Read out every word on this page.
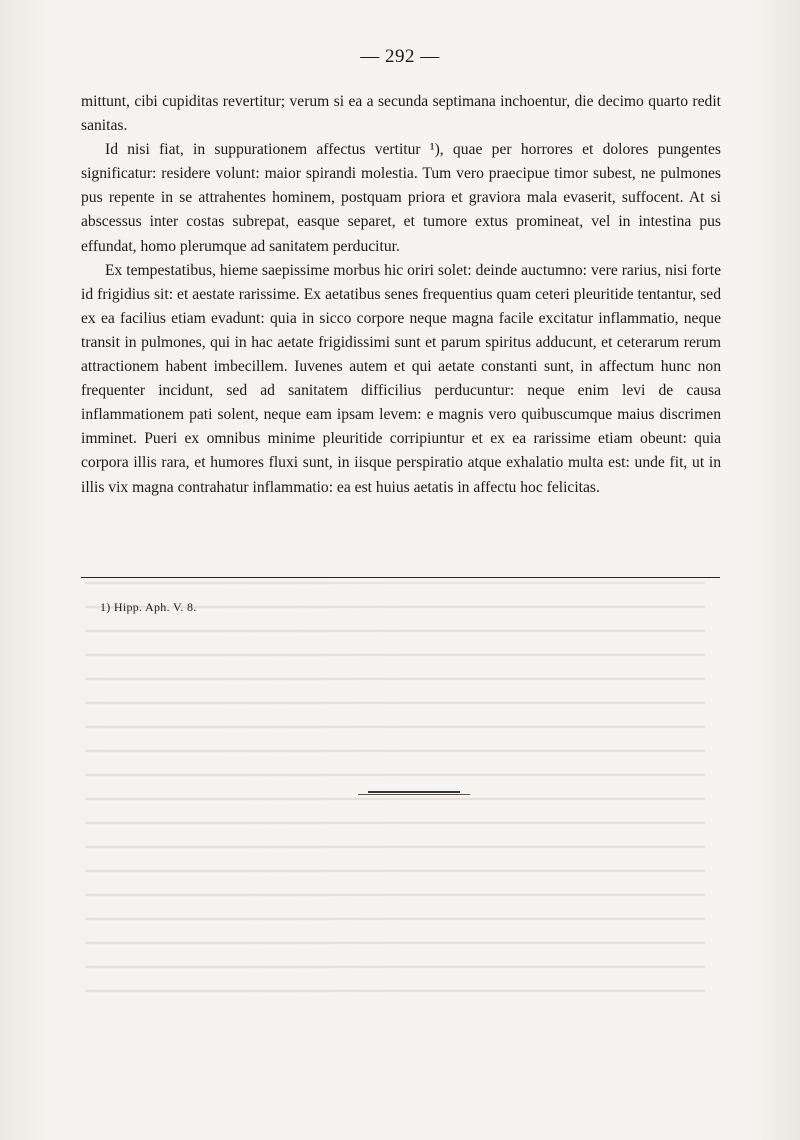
— 292 —

mittunt, cibi cupiditas revertitur; verum si ea a secunda septimana inchoentur, die decimo quarto redit sanitas.

Id nisi fiat, in suppurationem affectus vertitur ¹), quae per horrores et dolores pungentes significatur: residere volunt: maior spirandi molestia. Tum vero praecipue timor subest, ne pulmones pus repente in se attrahentes hominem, postquam priora et graviora mala evaserit, suffocent. At si abscessus inter costas subrepat, easque separet, et tumore extus promineat, vel in intestina pus effundat, homo plerumque ad sanitatem perducitur.

Ex tempestatibus, hieme saepissime morbus hic oriri solet: deinde auctumno: vere rarius, nisi forte id frigidius sit: et aestate rarissime. Ex aetatibus senes frequentius quam ceteri pleuritide tentantur, sed ex ea facilius etiam evadunt: quia in sicco corpore neque magna facile excitatur inflammatio, neque transit in pulmones, qui in hac aetate frigidissimi sunt et parum spiritus adducunt, et ceterarum rerum attractionem habent imbecillem. Iuvenes autem et qui aetate constanti sunt, in affectum hunc non frequenter incidunt, sed ad sanitatem difficilius perducuntur: neque enim levi de causa inflammationem pati solent, neque eam ipsam levem: e magnis vero quibuscumque maius discrimen imminet. Pueri ex omnibus minime pleuritide corripiuntur et ex ea rarissime etiam obeunt: quia corpora illis rara, et humores fluxi sunt, in iisque perspiratio atque exhalatio multa est: unde fit, ut in illis vix magna contrahatur inflammatio: ea est huius aetatis in affectu hoc felicitas.

1) Hipp. Aph. V. 8.
